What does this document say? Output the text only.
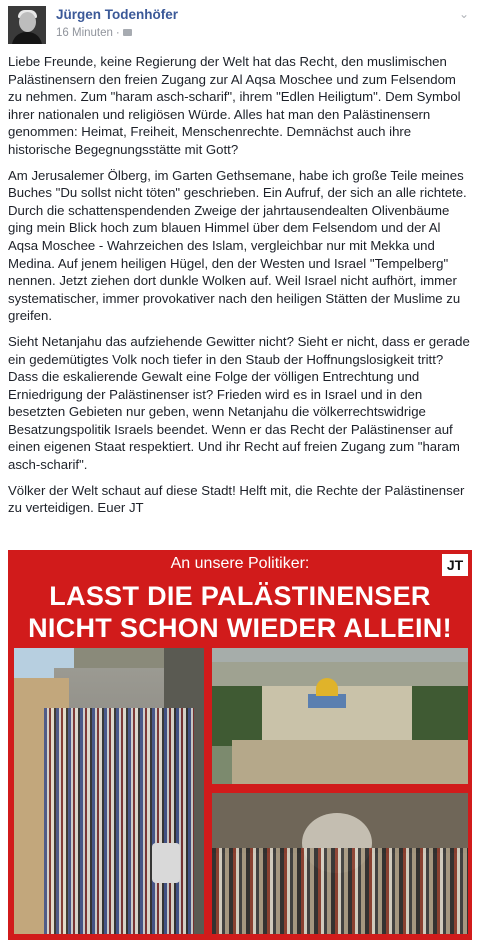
Jürgen Todenhöfer
16 Minuten ·
⌄

Liebe Freunde, keine Regierung der Welt hat das Recht, den muslimischen Palästinensern den freien Zugang zur Al Aqsa Moschee und zum Felsendom zu nehmen. Zum "haram asch-scharif", ihrem "Edlen Heiligtum". Dem Symbol ihrer nationalen und religiösen Würde. Alles hat man den Palästinensern genommen: Heimat, Freiheit, Menschenrechte. Demnächst auch ihre historische Begegnungsstätte mit Gott?

Am Jerusalemer Ölberg, im Garten Gethsemane, habe ich große Teile meines Buches "Du sollst nicht töten" geschrieben. Ein Aufruf, der sich an alle richtete. Durch die schattenspendenden Zweige der jahrtausendealten Olivenbäume ging mein Blick hoch zum blauen Himmel über dem Felsendom und der Al Aqsa Moschee - Wahrzeichen des Islam, vergleichbar nur mit Mekka und Medina. Auf jenem heiligen Hügel, den der Westen und Israel "Tempelberg" nennen. Jetzt ziehen dort dunkle Wolken auf. Weil Israel nicht aufhört, immer systematischer, immer provokativer nach den heiligen Stätten der Muslime zu greifen.

Sieht Netanjahu das aufziehende Gewitter nicht? Sieht er nicht, dass er gerade ein gedemütigtes Volk noch tiefer in den Staub der Hoffnungslosigkeit tritt? Dass die eskalierende Gewalt eine Folge der völligen Entrechtung und Erniedrigung der Palästinenser ist? Frieden wird es in Israel und in den besetzten Gebieten nur geben, wenn Netanjahu die völkerrechtswidrige Besatzungspolitik Israels beendet. Wenn er das Recht der Palästinenser auf einen eigenen Staat respektiert. Und ihr Recht auf freien Zugang zum "haram asch-scharif".

Völker der Welt schaut auf diese Stadt! Helft mit, die Rechte der Palästinenser zu verteidigen. Euer JT

An unsere Politiker:	JT
LASST DIE PALÄSTINENSER
NICHT SCHON WIEDER ALLEIN!
